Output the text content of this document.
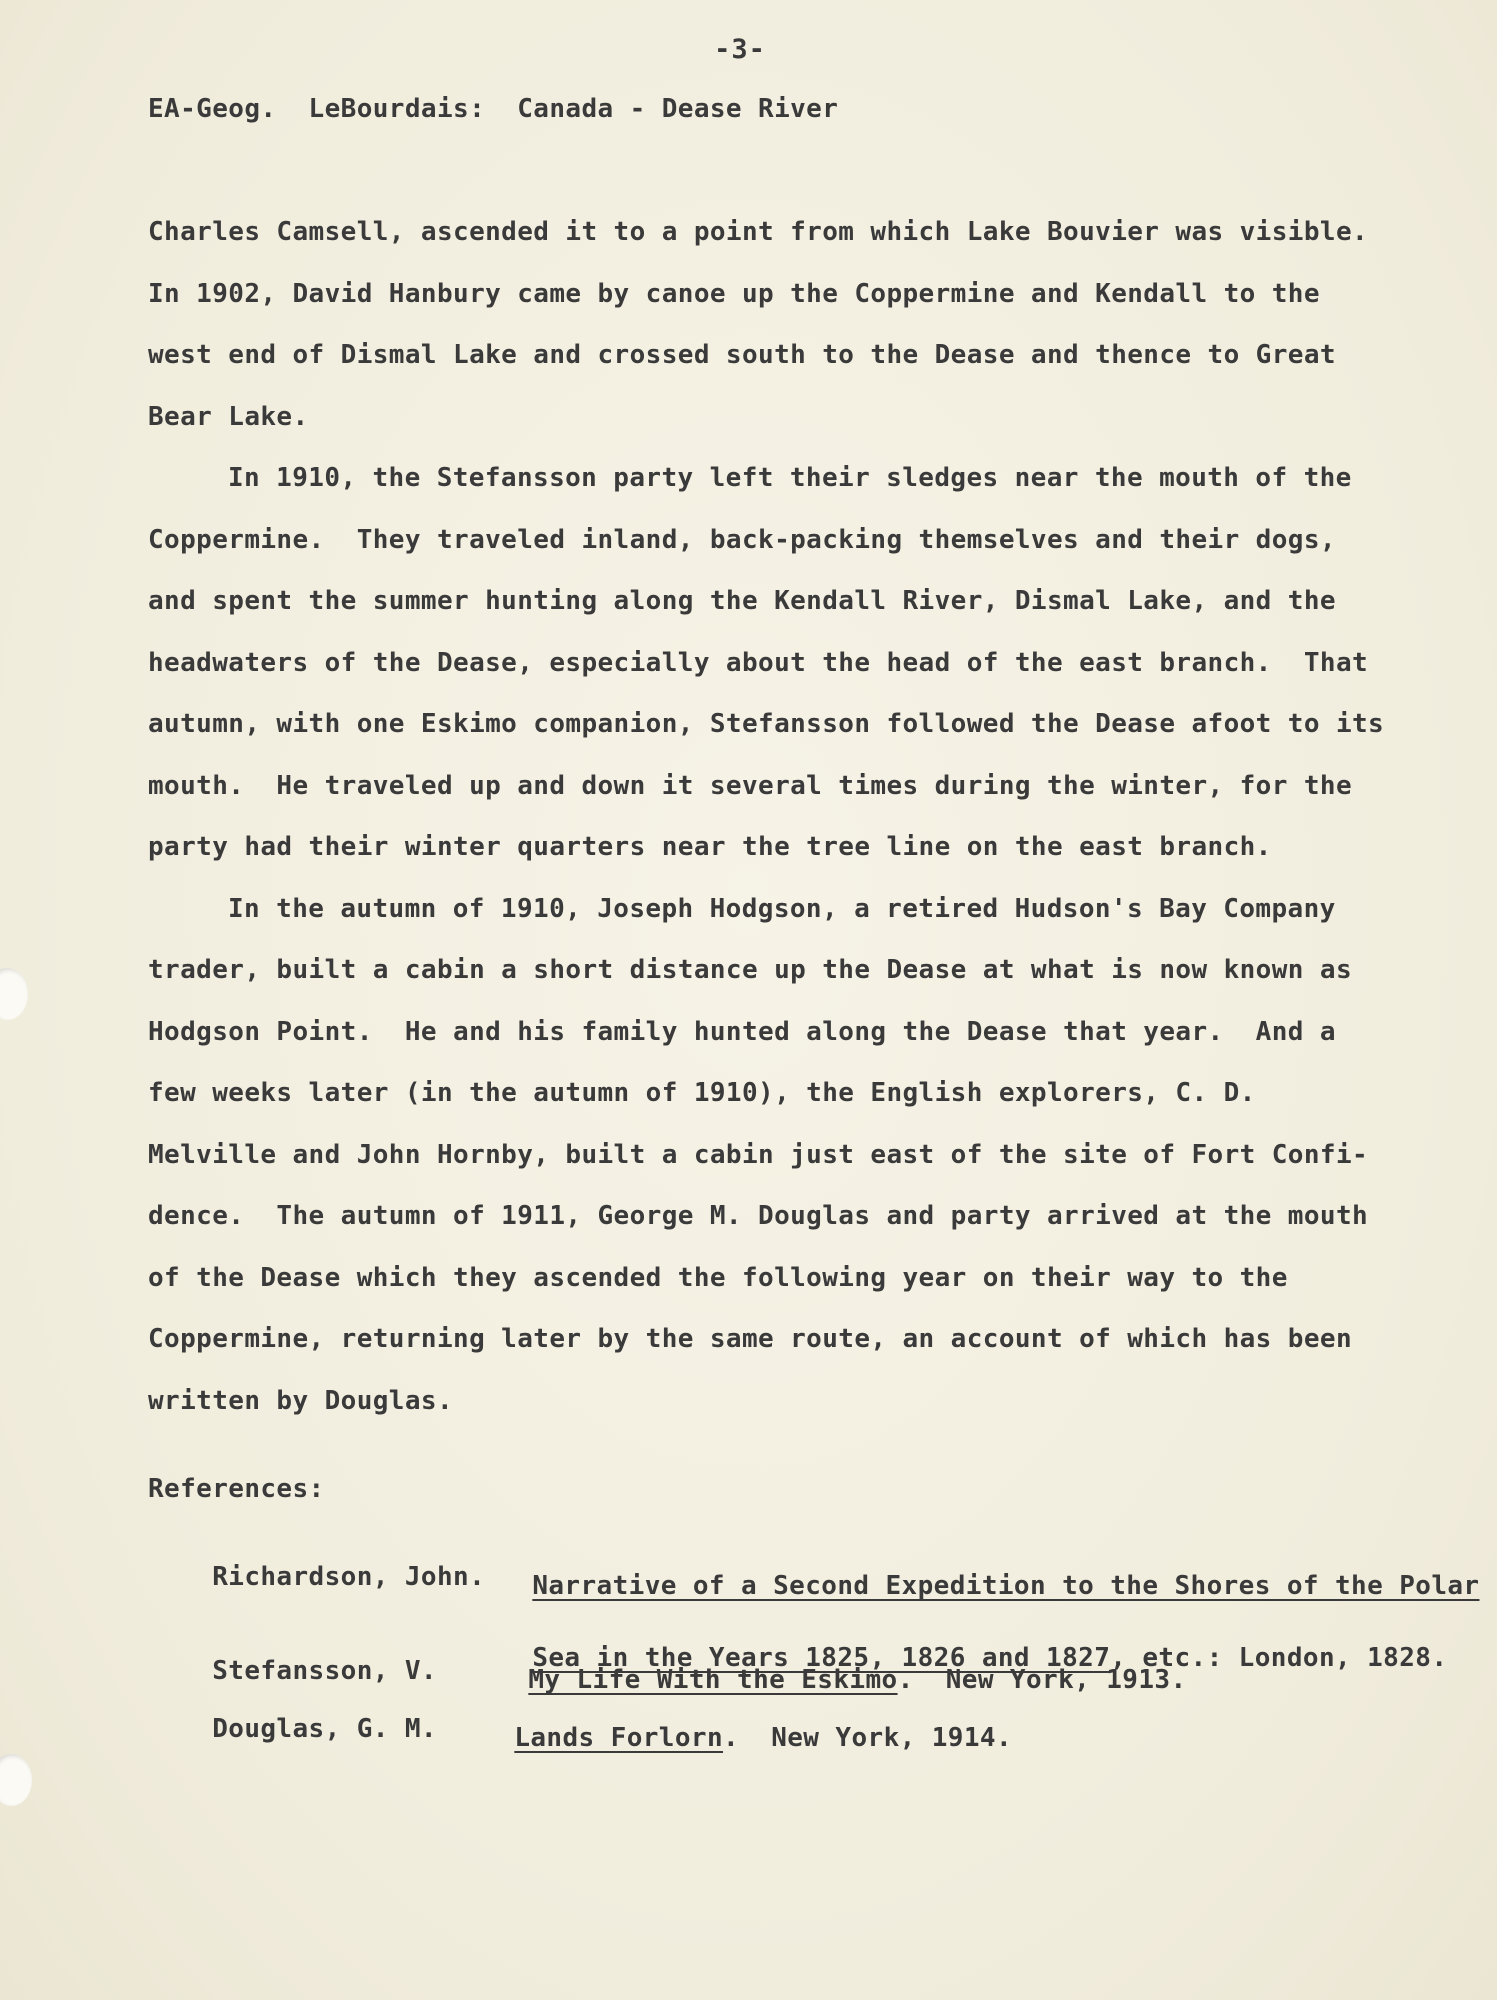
-3-
EA-Geog.  LeBourdais:  Canada - Dease River
Charles Camsell, ascended it to a point from which Lake Bouvier was visible.
In 1902, David Hanbury came by canoe up the Coppermine and Kendall to the
west end of Dismal Lake and crossed south to the Dease and thence to Great
Bear Lake.
In 1910, the Stefansson party left their sledges near the mouth of the
Coppermine.  They traveled inland, back-packing themselves and their dogs,
and spent the summer hunting along the Kendall River, Dismal Lake, and the
headwaters of the Dease, especially about the head of the east branch.  That
autumn, with one Eskimo companion, Stefansson followed the Dease afoot to its
mouth.  He traveled up and down it several times during the winter, for the
party had their winter quarters near the tree line on the east branch.
In the autumn of 1910, Joseph Hodgson, a retired Hudson's Bay Company
trader, built a cabin a short distance up the Dease at what is now known as
Hodgson Point.  He and his family hunted along the Dease that year.  And a
few weeks later (in the autumn of 1910), the English explorers, C. D.
Melville and John Hornby, built a cabin just east of the site of Fort Confi-
dence.  The autumn of 1911, George M. Douglas and party arrived at the mouth
of the Dease which they ascended the following year on their way to the
Coppermine, returning later by the same route, an account of which has been
written by Douglas.
References:

Richardson, John.
	Narrative of a Second Expedition to the Shores of the Polar

Sea in the Years 1825, 1826 and 1827, etc.: London, 1828.

Stefansson, V.
	My Life With the Eskimo.  New York, 1913.

Douglas, G. M.
	Lands Forlorn.  New York, 1914.
